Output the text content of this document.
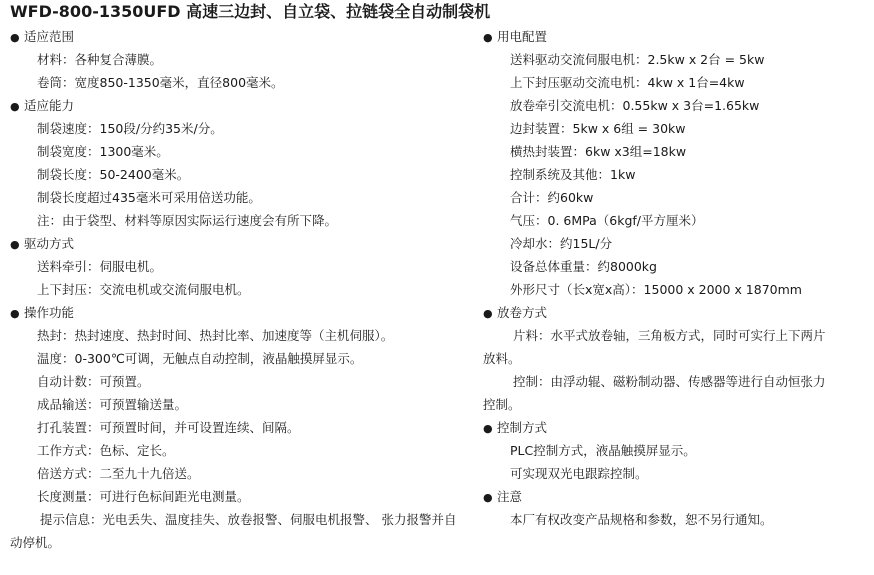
WFD-800-1350UFD 高速三边封、自立袋、拉链袋全自动制袋机
● 适应范围
材料：各种复合薄膜。
卷筒：宽度850-1350毫米，直径800毫米。
● 适应能力
制袋速度：150段/分约35米/分。
制袋宽度：1300毫米。
制袋长度：50-2400毫米。
制袋长度超过435毫米可采用倍送功能。
注：由于袋型、材料等原因实际运行速度会有所下降。
● 驱动方式
送料牵引：伺服电机。
上下封压：交流电机或交流伺服电机。
● 操作功能
热封：热封速度、热封时间、热封比率、加速度等（主机伺服）。
温度：0-300℃可调，无触点自动控制，液晶触摸屏显示。
自动计数：可预置。
成品输送：可预置输送量。
打孔装置：可预置时间，并可设置连续、间隔。
工作方式：色标、定长。
倍送方式：二至九十九倍送。
长度测量：可进行色标间距光电测量。
提示信息：光电丢失、温度挂失、放卷报警、伺服电机报警、 张力报警并自
动停机。
● 用电配置
送料驱动交流伺服电机：2.5kw x 2台 = 5kw
上下封压驱动交流电机：4kw x 1台=4kw
放卷牵引交流电机：0.55kw x 3台=1.65kw
边封装置：5kw x 6组 = 30kw
横热封装置：6kw x3组=18kw
控制系统及其他：1kw
合计：约60kw
气压：0. 6MPa（6kgf/平方厘米）
冷却水：约15L/分
设备总体重量：约8000kg
外形尺寸（长x宽x高）：15000 x 2000 x 1870mm
● 放卷方式
片料：水平式放卷轴，三角板方式，同时可实行上下两片
放料。
控制：由浮动辊、磁粉制动器、传感器等进行自动恒张力
控制。
● 控制方式
PLC控制方式，液晶触摸屏显示。
可实现双光电跟踪控制。
● 注意
本厂有权改变产品规格和参数，恕不另行通知。
